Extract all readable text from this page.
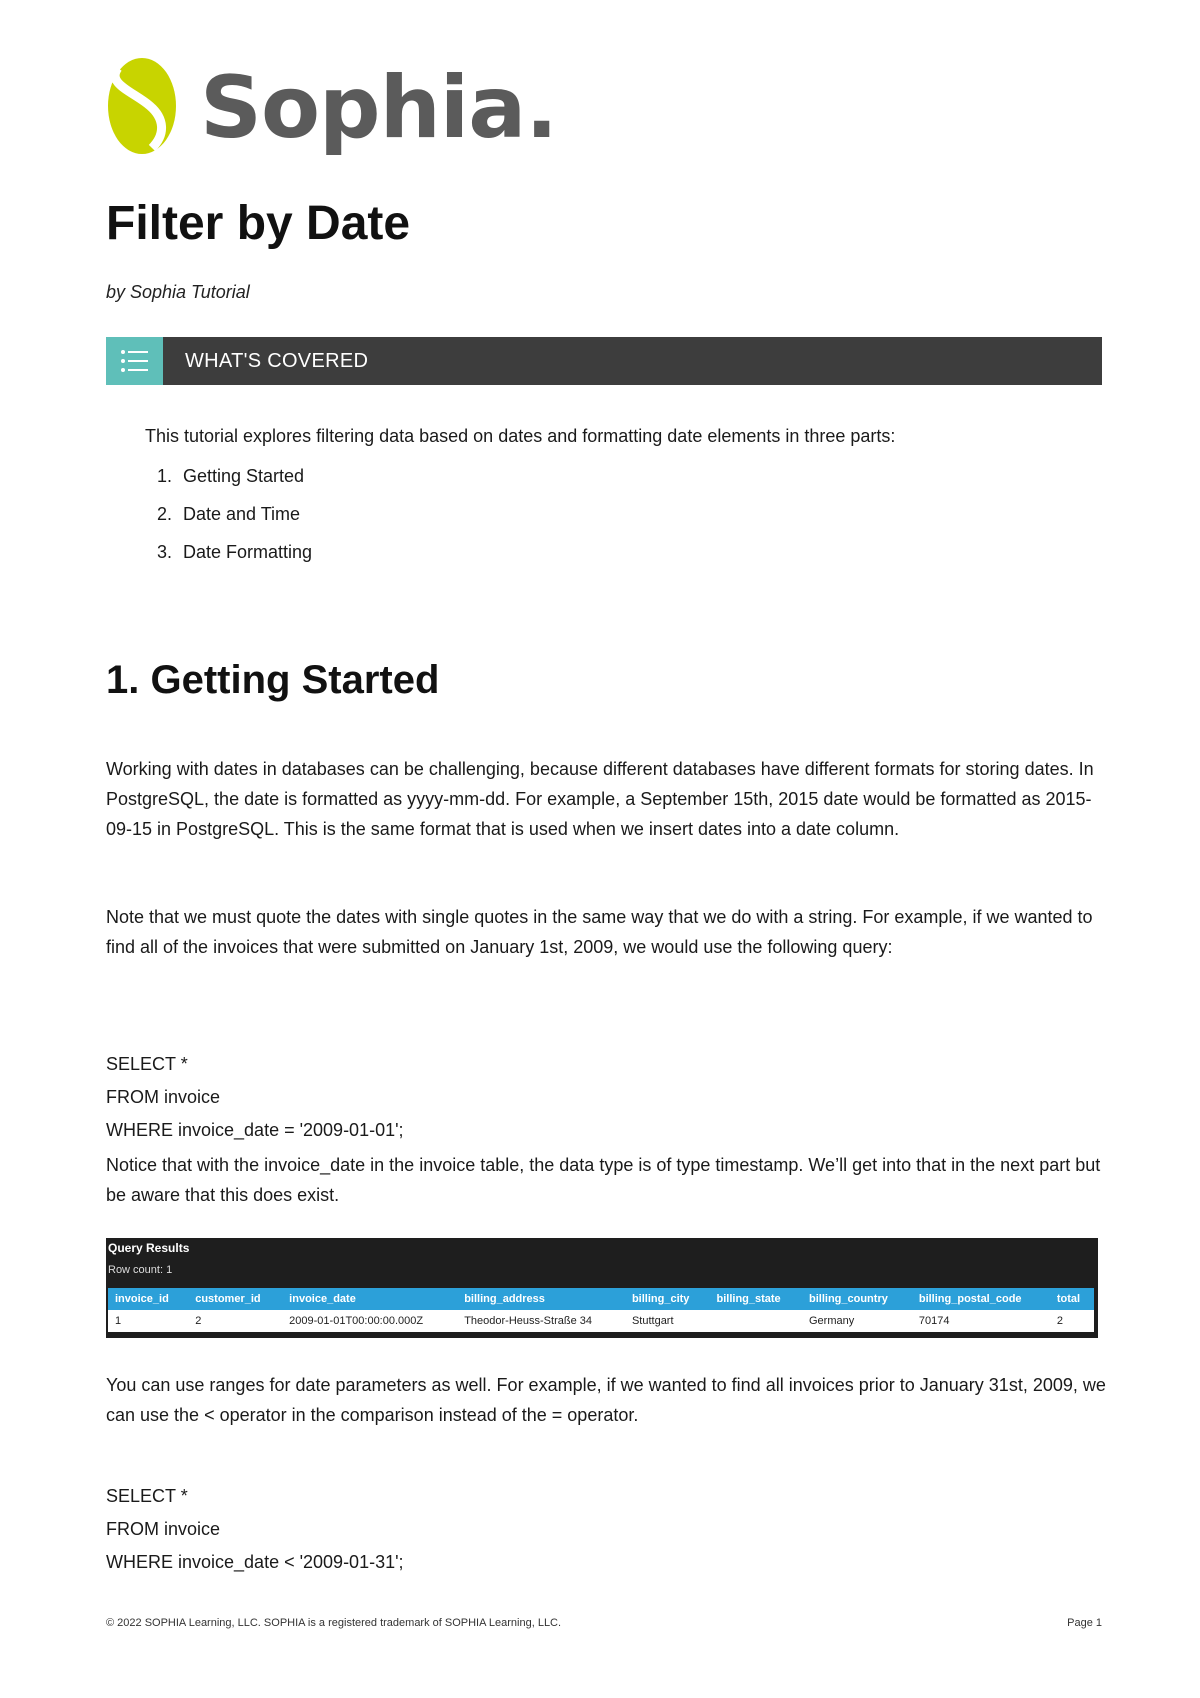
Sophia.
Filter by Date
by Sophia Tutorial
WHAT'S COVERED
This tutorial explores filtering data based on dates and formatting date elements in three parts:
1. Getting Started
2. Date and Time
3. Date Formatting
1. Getting Started

Working with dates in databases can be challenging, because different databases have different formats for storing dates. In PostgreSQL, the date is formatted as yyyy-mm-dd. For example, a September 15th, 2015 date would be formatted as 2015-09-15 in PostgreSQL. This is the same format that is used when we insert dates into a date column.

Note that we must quote the dates with single quotes in the same way that we do with a string. For example, if we wanted to find all of the invoices that were submitted on January 1st, 2009, we would use the following query:

SELECT *
FROM invoice
WHERE invoice_date = '2009-01-01';

Notice that with the invoice_date in the invoice table, the data type is of type timestamp. We’ll get into that in the next part but be aware that this does exist.

Query Results
Row count: 1
invoice_id	customer_id	invoice_date	billing_address	billing_city	billing_state	billing_country	billing_postal_code	total
1	2	2009-01-01T00:00:00.000Z	Theodor-Heuss-Straße 34	Stuttgart		Germany	70174	2

You can use ranges for date parameters as well. For example, if we wanted to find all invoices prior to January 31st, 2009, we can use the < operator in the comparison instead of the = operator.

SELECT *
FROM invoice
WHERE invoice_date < '2009-01-31';
© 2022 SOPHIA Learning, LLC. SOPHIA is a registered trademark of SOPHIA Learning, LLC.	Page 1
